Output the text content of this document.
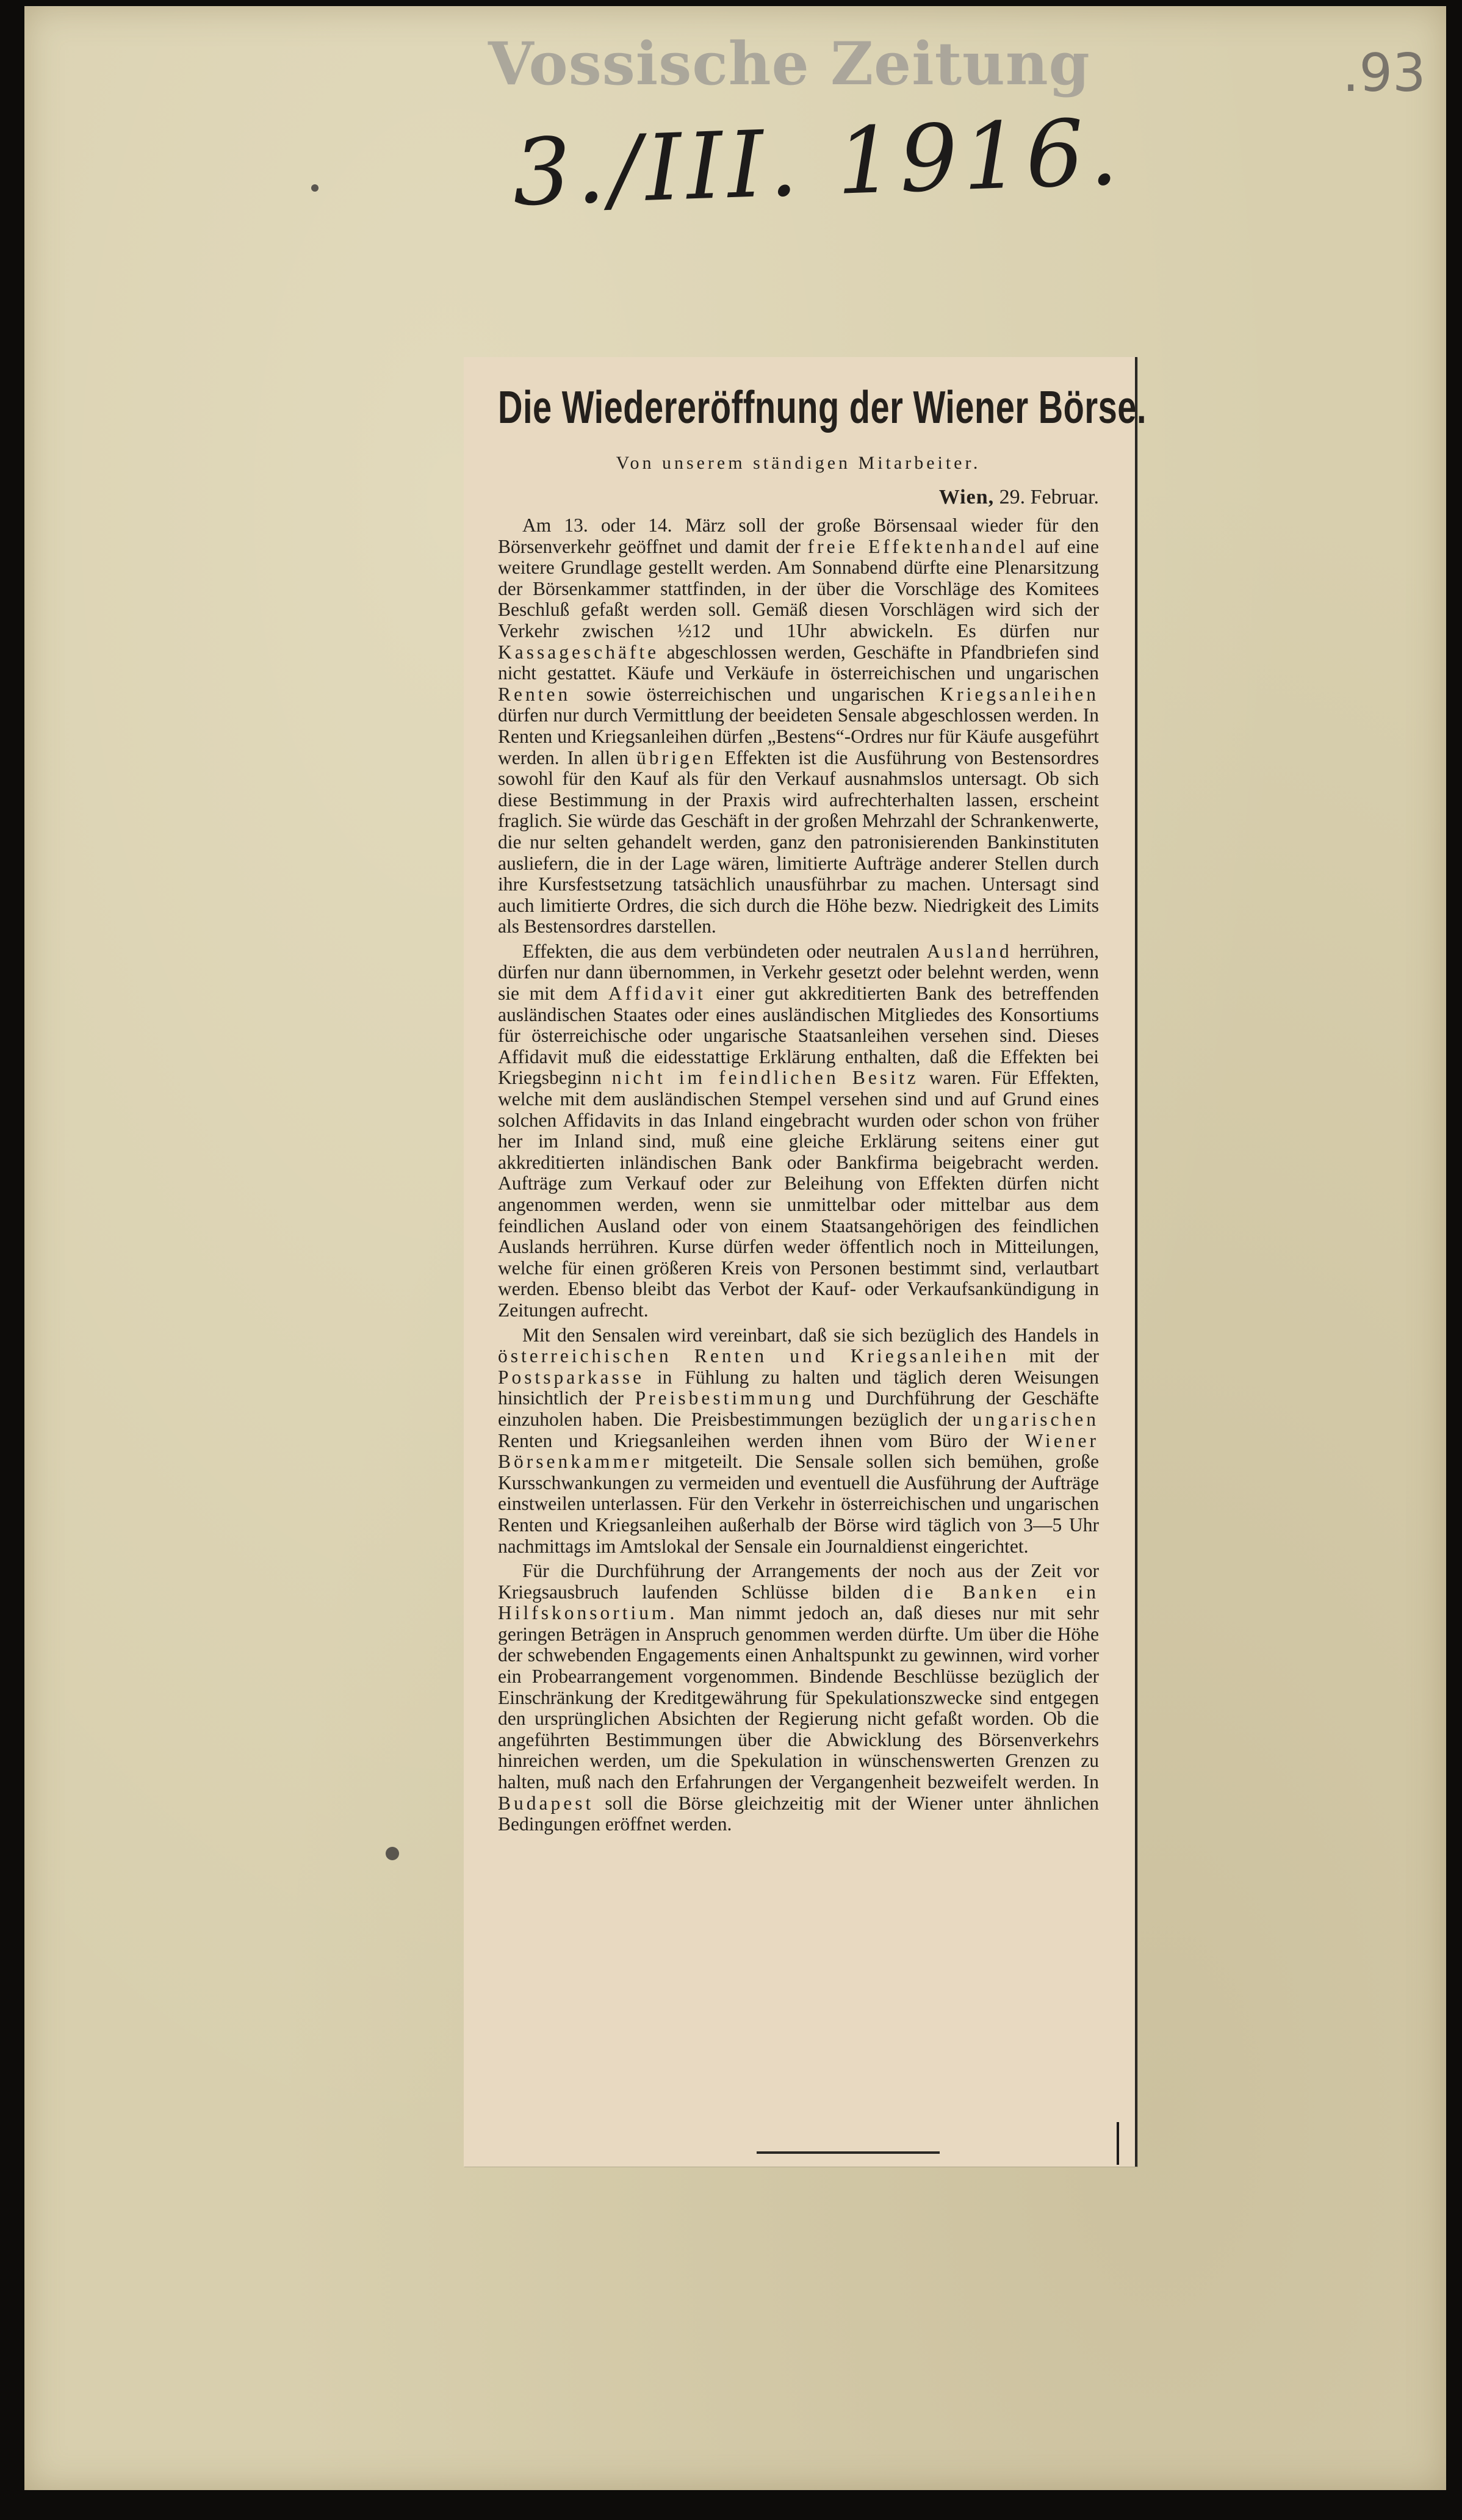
Vossische Zeitung
3./III. 1916.
.93
Die Wiedereröffnung der Wiener Börse.
Von unserem ständigen Mitarbeiter.
Wien, 29. Februar.

Am 13. oder 14. März soll der große Börsensaal wieder für den Börsenverkehr geöffnet und damit der freie Effektenhandel auf eine weitere Grundlage gestellt werden. Am Sonnabend dürfte eine Plenarsitzung der Börsenkammer stattfinden, in der über die Vorschläge des Komitees Beschluß gefaßt werden soll. Gemäß diesen Vorschlägen wird sich der Verkehr zwischen ½12 und 1Uhr abwickeln. Es dürfen nur Kassageschäfte abgeschlossen werden, Geschäfte in Pfandbriefen sind nicht gestattet. Käufe und Verkäufe in österreichischen und ungarischen Renten sowie österreichischen und ungarischen Kriegsanleihen dürfen nur durch Vermittlung der beeideten Sensale abgeschlossen werden. In Renten und Kriegsanleihen dürfen „Bestens“-Ordres nur für Käufe ausgeführt werden. In allen übrigen Effekten ist die Ausführung von Bestensordres sowohl für den Kauf als für den Verkauf ausnahmslos untersagt. Ob sich diese Bestimmung in der Praxis wird aufrechterhalten lassen, erscheint fraglich. Sie würde das Geschäft in der großen Mehrzahl der Schrankenwerte, die nur selten gehandelt werden, ganz den patronisierenden Bankinstituten ausliefern, die in der Lage wären, limitierte Aufträge anderer Stellen durch ihre Kursfestsetzung tatsächlich unausführbar zu machen. Untersagt sind auch limitierte Ordres, die sich durch die Höhe bezw. Niedrigkeit des Limits als Bestensordres darstellen.

Effekten, die aus dem verbündeten oder neutralen Ausland herrühren, dürfen nur dann übernommen, in Verkehr gesetzt oder belehnt werden, wenn sie mit dem Affidavit einer gut akkreditierten Bank des betreffenden ausländischen Staates oder eines ausländischen Mitgliedes des Konsortiums für österreichische oder ungarische Staatsanleihen versehen sind. Dieses Affidavit muß die eidesstattige Erklärung enthalten, daß die Effekten bei Kriegsbeginn nicht im feindlichen Besitz waren. Für Effekten, welche mit dem ausländischen Stempel versehen sind und auf Grund eines solchen Affidavits in das Inland eingebracht wurden oder schon von früher her im Inland sind, muß eine gleiche Erklärung seitens einer gut akkreditierten inländischen Bank oder Bankfirma beigebracht werden. Aufträge zum Verkauf oder zur Beleihung von Effekten dürfen nicht angenommen werden, wenn sie unmittelbar oder mittelbar aus dem feindlichen Ausland oder von einem Staatsangehörigen des feindlichen Auslands herrühren. Kurse dürfen weder öffentlich noch in Mitteilungen, welche für einen größeren Kreis von Personen bestimmt sind, verlautbart werden. Ebenso bleibt das Verbot der Kauf- oder Verkaufsankündigung in Zeitungen aufrecht.

Mit den Sensalen wird vereinbart, daß sie sich bezüglich des Handels in österreichischen Renten und Kriegsanleihen mit der Postsparkasse in Fühlung zu halten und täglich deren Weisungen hinsichtlich der Preisbestimmung und Durchführung der Geschäfte einzuholen haben. Die Preisbestimmungen bezüglich der ungarischen Renten und Kriegsanleihen werden ihnen vom Büro der Wiener Börsenkammer mitgeteilt. Die Sensale sollen sich bemühen, große Kursschwankungen zu vermeiden und eventuell die Ausführung der Aufträge einstweilen unterlassen. Für den Verkehr in österreichischen und ungarischen Renten und Kriegsanleihen außerhalb der Börse wird täglich von 3—5 Uhr nachmittags im Amtslokal der Sensale ein Journaldienst eingerichtet.

Für die Durchführung der Arrangements der noch aus der Zeit vor Kriegsausbruch laufenden Schlüsse bilden die Banken ein Hilfskonsortium. Man nimmt jedoch an, daß dieses nur mit sehr geringen Beträgen in Anspruch genommen werden dürfte. Um über die Höhe der schwebenden Engagements einen Anhaltspunkt zu gewinnen, wird vorher ein Probearrangement vorgenommen. Bindende Beschlüsse bezüglich der Einschränkung der Kreditgewährung für Spekulationszwecke sind entgegen den ursprünglichen Absichten der Regierung nicht gefaßt worden. Ob die angeführten Bestimmungen über die Abwicklung des Börsenverkehrs hinreichen werden, um die Spekulation in wünschenswerten Grenzen zu halten, muß nach den Erfahrungen der Vergangenheit bezweifelt werden. In Budapest soll die Börse gleichzeitig mit der Wiener unter ähnlichen Bedingungen eröffnet werden.
